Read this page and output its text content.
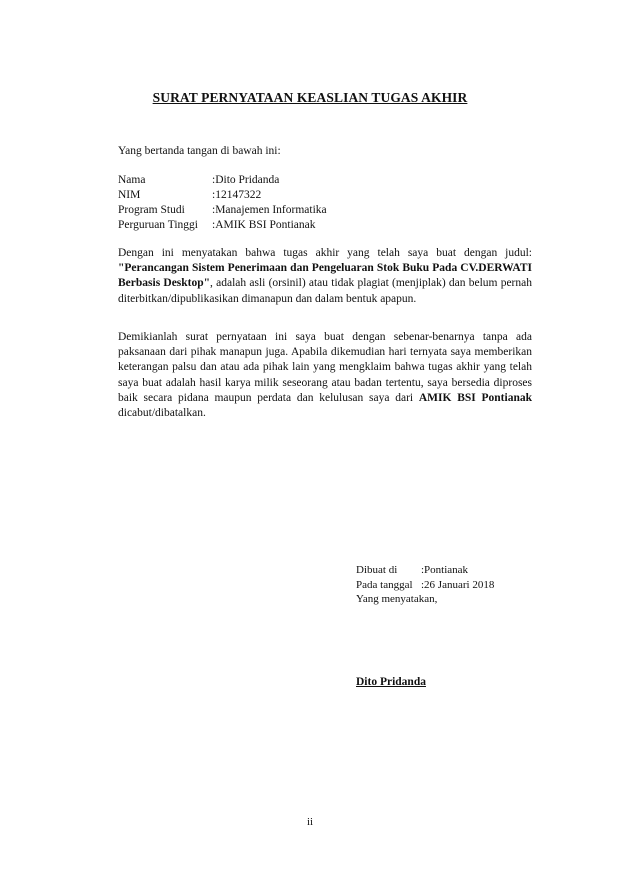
SURAT PERNYATAAN KEASLIAN TUGAS AKHIR
Yang bertanda tangan di bawah ini:
Nama	:Dito Pridanda
NIM	:12147322
Program Studi	:Manajemen Informatika
Perguruan Tinggi	:AMIK BSI Pontianak
Dengan ini menyatakan bahwa tugas akhir yang telah saya buat dengan judul: "Perancangan Sistem Penerimaan dan Pengeluaran Stok Buku Pada CV.DERWATI Berbasis Desktop", adalah asli (orsinil) atau tidak plagiat (menjiplak) dan belum pernah diterbitkan/dipublikasikan dimanapun dan dalam bentuk apapun.
Demikianlah surat pernyataan ini saya buat dengan sebenar-benarnya tanpa ada paksanaan dari pihak manapun juga. Apabila dikemudian hari ternyata saya memberikan keterangan palsu dan atau ada pihak lain yang mengklaim bahwa tugas akhir yang telah saya buat adalah hasil karya milik seseorang atau badan tertentu, saya bersedia diproses baik secara pidana maupun perdata dan kelulusan saya dari AMIK BSI Pontianak dicabut/dibatalkan.
Dibuat di	:Pontianak
Pada tanggal :26 Januari 2018
Yang menyatakan,
Dito Pridanda
ii
